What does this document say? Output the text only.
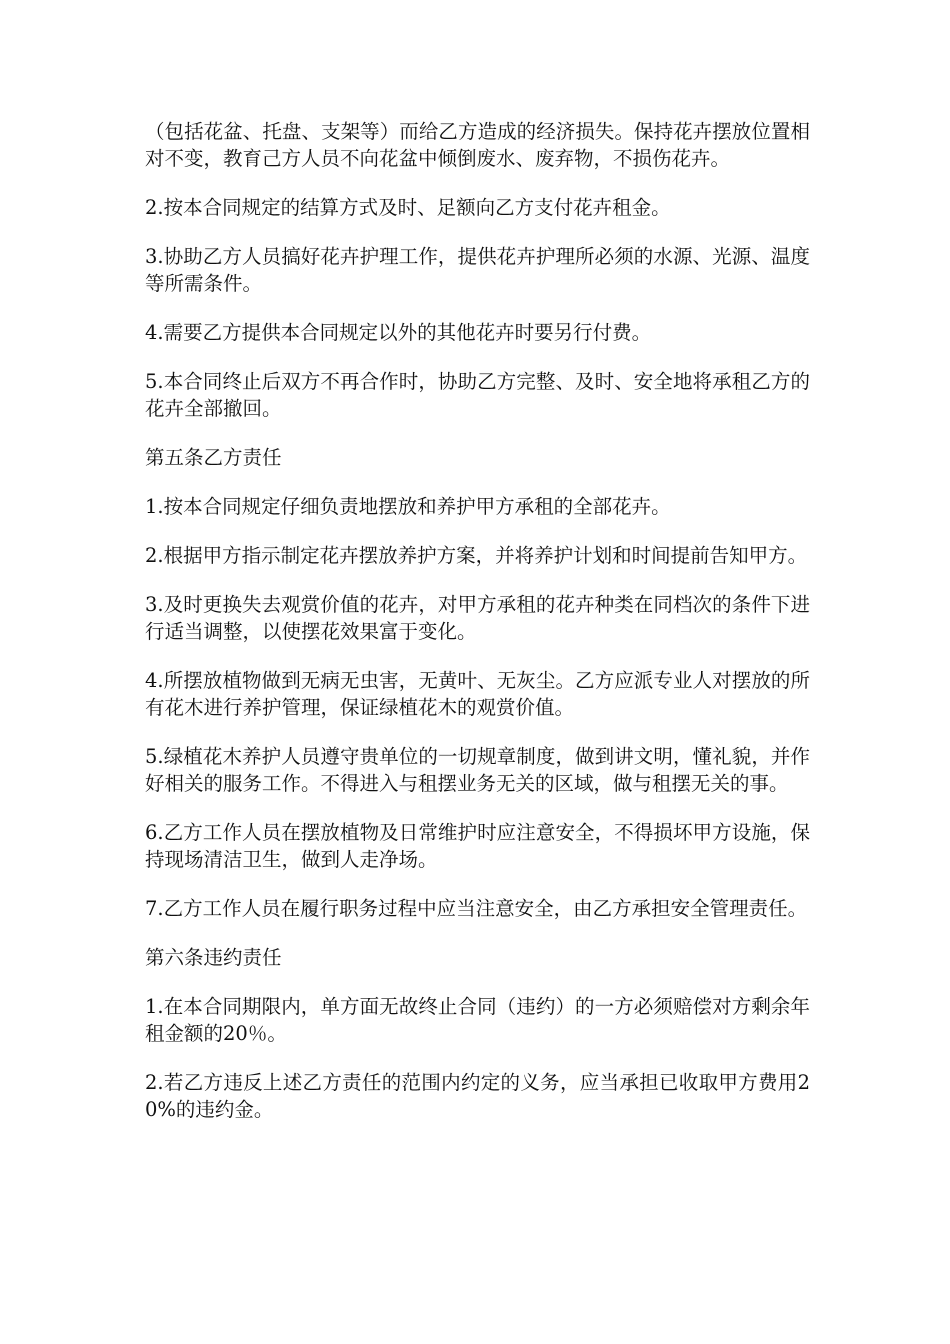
（包括花盆、托盘、支架等）而给乙方造成的经济损失。保持花卉摆放位置相对不变，教育己方人员不向花盆中倾倒废水、废弃物，不损伤花卉。

2.按本合同规定的结算方式及时、足额向乙方支付花卉租金。

3.协助乙方人员搞好花卉护理工作，提供花卉护理所必须的水源、光源、温度等所需条件。

4.需要乙方提供本合同规定以外的其他花卉时要另行付费。

5.本合同终止后双方不再合作时，协助乙方完整、及时、安全地将承租乙方的花卉全部撤回。

第五条乙方责任

1.按本合同规定仔细负责地摆放和养护甲方承租的全部花卉。

2.根据甲方指示制定花卉摆放养护方案，并将养护计划和时间提前告知甲方。

3.及时更换失去观赏价值的花卉，对甲方承租的花卉种类在同档次的条件下进行适当调整，以使摆花效果富于变化。

4.所摆放植物做到无病无虫害，无黄叶、无灰尘。乙方应派专业人对摆放的所有花木进行养护管理，保证绿植花木的观赏价值。

5.绿植花木养护人员遵守贵单位的一切规章制度，做到讲文明，懂礼貌，并作好相关的服务工作。不得进入与租摆业务无关的区域，做与租摆无关的事。

6.乙方工作人员在摆放植物及日常维护时应注意安全，不得损坏甲方设施，保持现场清洁卫生，做到人走净场。

7.乙方工作人员在履行职务过程中应当注意安全，由乙方承担安全管理责任。

第六条违约责任

1.在本合同期限内，单方面无故终止合同（违约）的一方必须赔偿对方剩余年租金额的20％。

2.若乙方违反上述乙方责任的范围内约定的义务，应当承担已收取甲方费用20%的违约金。
